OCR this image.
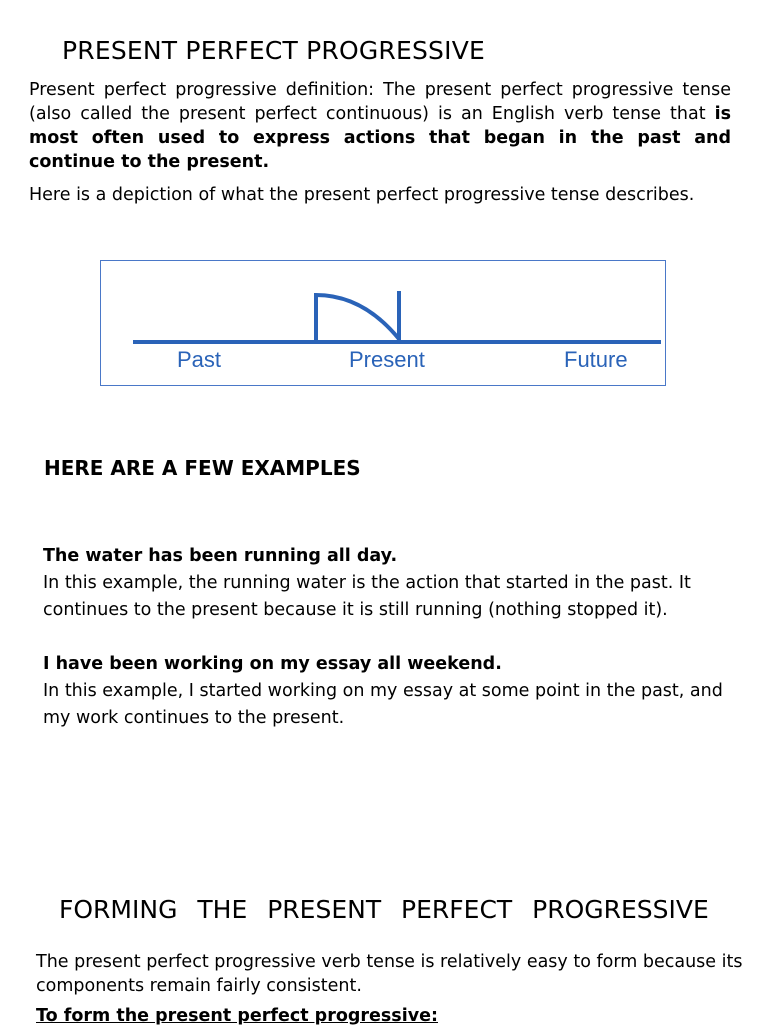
PRESENT PERFECT PROGRESSIVE
Present perfect progressive definition: The present perfect progressive tense (also called the present perfect continuous) is an English verb tense that is most often used to express actions that began in the past and continue to the present.
Here is a depiction of what the present perfect progressive tense describes.
Past	Present	Future
HERE ARE A FEW EXAMPLES
The water has been running all day.
In this example, the running water is the action that started in the past. It continues to the present because it is still running (nothing stopped it).
I have been working on my essay all weekend.
In this example, I started working on my essay at some point in the past, and my work continues to the present.
FORMING THE PRESENT PERFECT PROGRESSIVE
The present perfect progressive verb tense is relatively easy to form because its components remain fairly consistent.
To form the present perfect progressive:
